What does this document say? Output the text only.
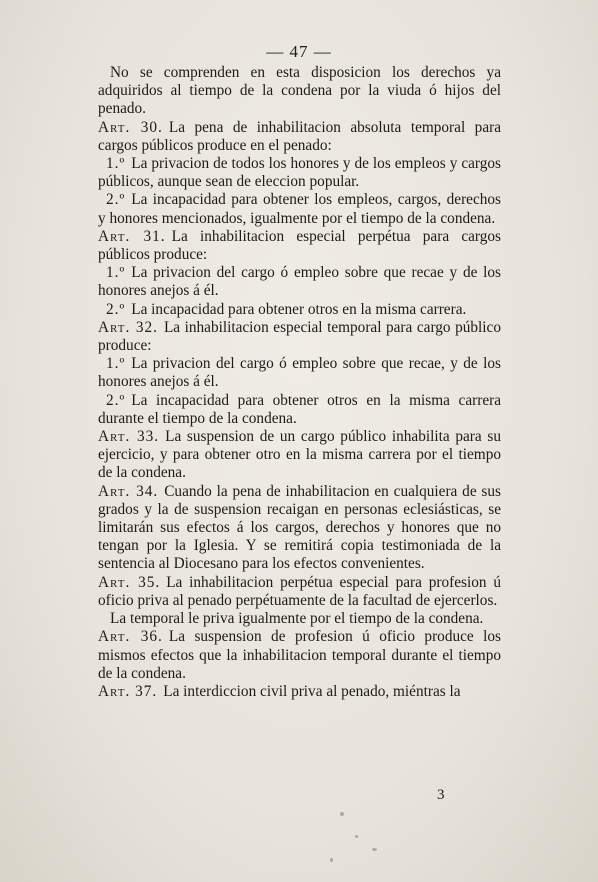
— 47 —

No se comprenden en esta disposicion los derechos ya adquiridos al tiempo de la condena por la viuda ó hijos del penado.

Art. 30. La pena de inhabilitacion absoluta temporal para cargos públicos produce en el penado:

1.º La privacion de todos los honores y de los empleos y cargos públicos, aunque sean de eleccion popular.

2.º La incapacidad para obtener los empleos, cargos, derechos y honores mencionados, igualmente por el tiempo de la condena.

Art. 31. La inhabilitacion especial perpétua para cargos públicos produce:

1.º La privacion del cargo ó empleo sobre que recae y de los honores anejos á él.

2.º La incapacidad para obtener otros en la misma carrera.

Art. 32. La inhabilitacion especial temporal para cargo público produce:

1.º La privacion del cargo ó empleo sobre que recae, y de los honores anejos á él.

2.º La incapacidad para obtener otros en la misma carrera durante el tiempo de la condena.

Art. 33. La suspension de un cargo público inhabilita para su ejercicio, y para obtener otro en la misma carrera por el tiempo de la condena.

Art. 34. Cuando la pena de inhabilitacion en cualquiera de sus grados y la de suspension recaigan en personas eclesiásticas, se limitarán sus efectos á los cargos, derechos y honores que no tengan por la Iglesia. Y se remitirá copia testimoniada de la sentencia al Diocesano para los efectos convenientes.

Art. 35. La inhabilitacion perpétua especial para profesion ú oficio priva al penado perpétuamente de la facultad de ejercerlos.

La temporal le priva igualmente por el tiempo de la condena.

Art. 36. La suspension de profesion ú oficio produce los mismos efectos que la inhabilitacion temporal durante el tiempo de la condena.

Art. 37. La interdiccion civil priva al penado, miéntras la

3
